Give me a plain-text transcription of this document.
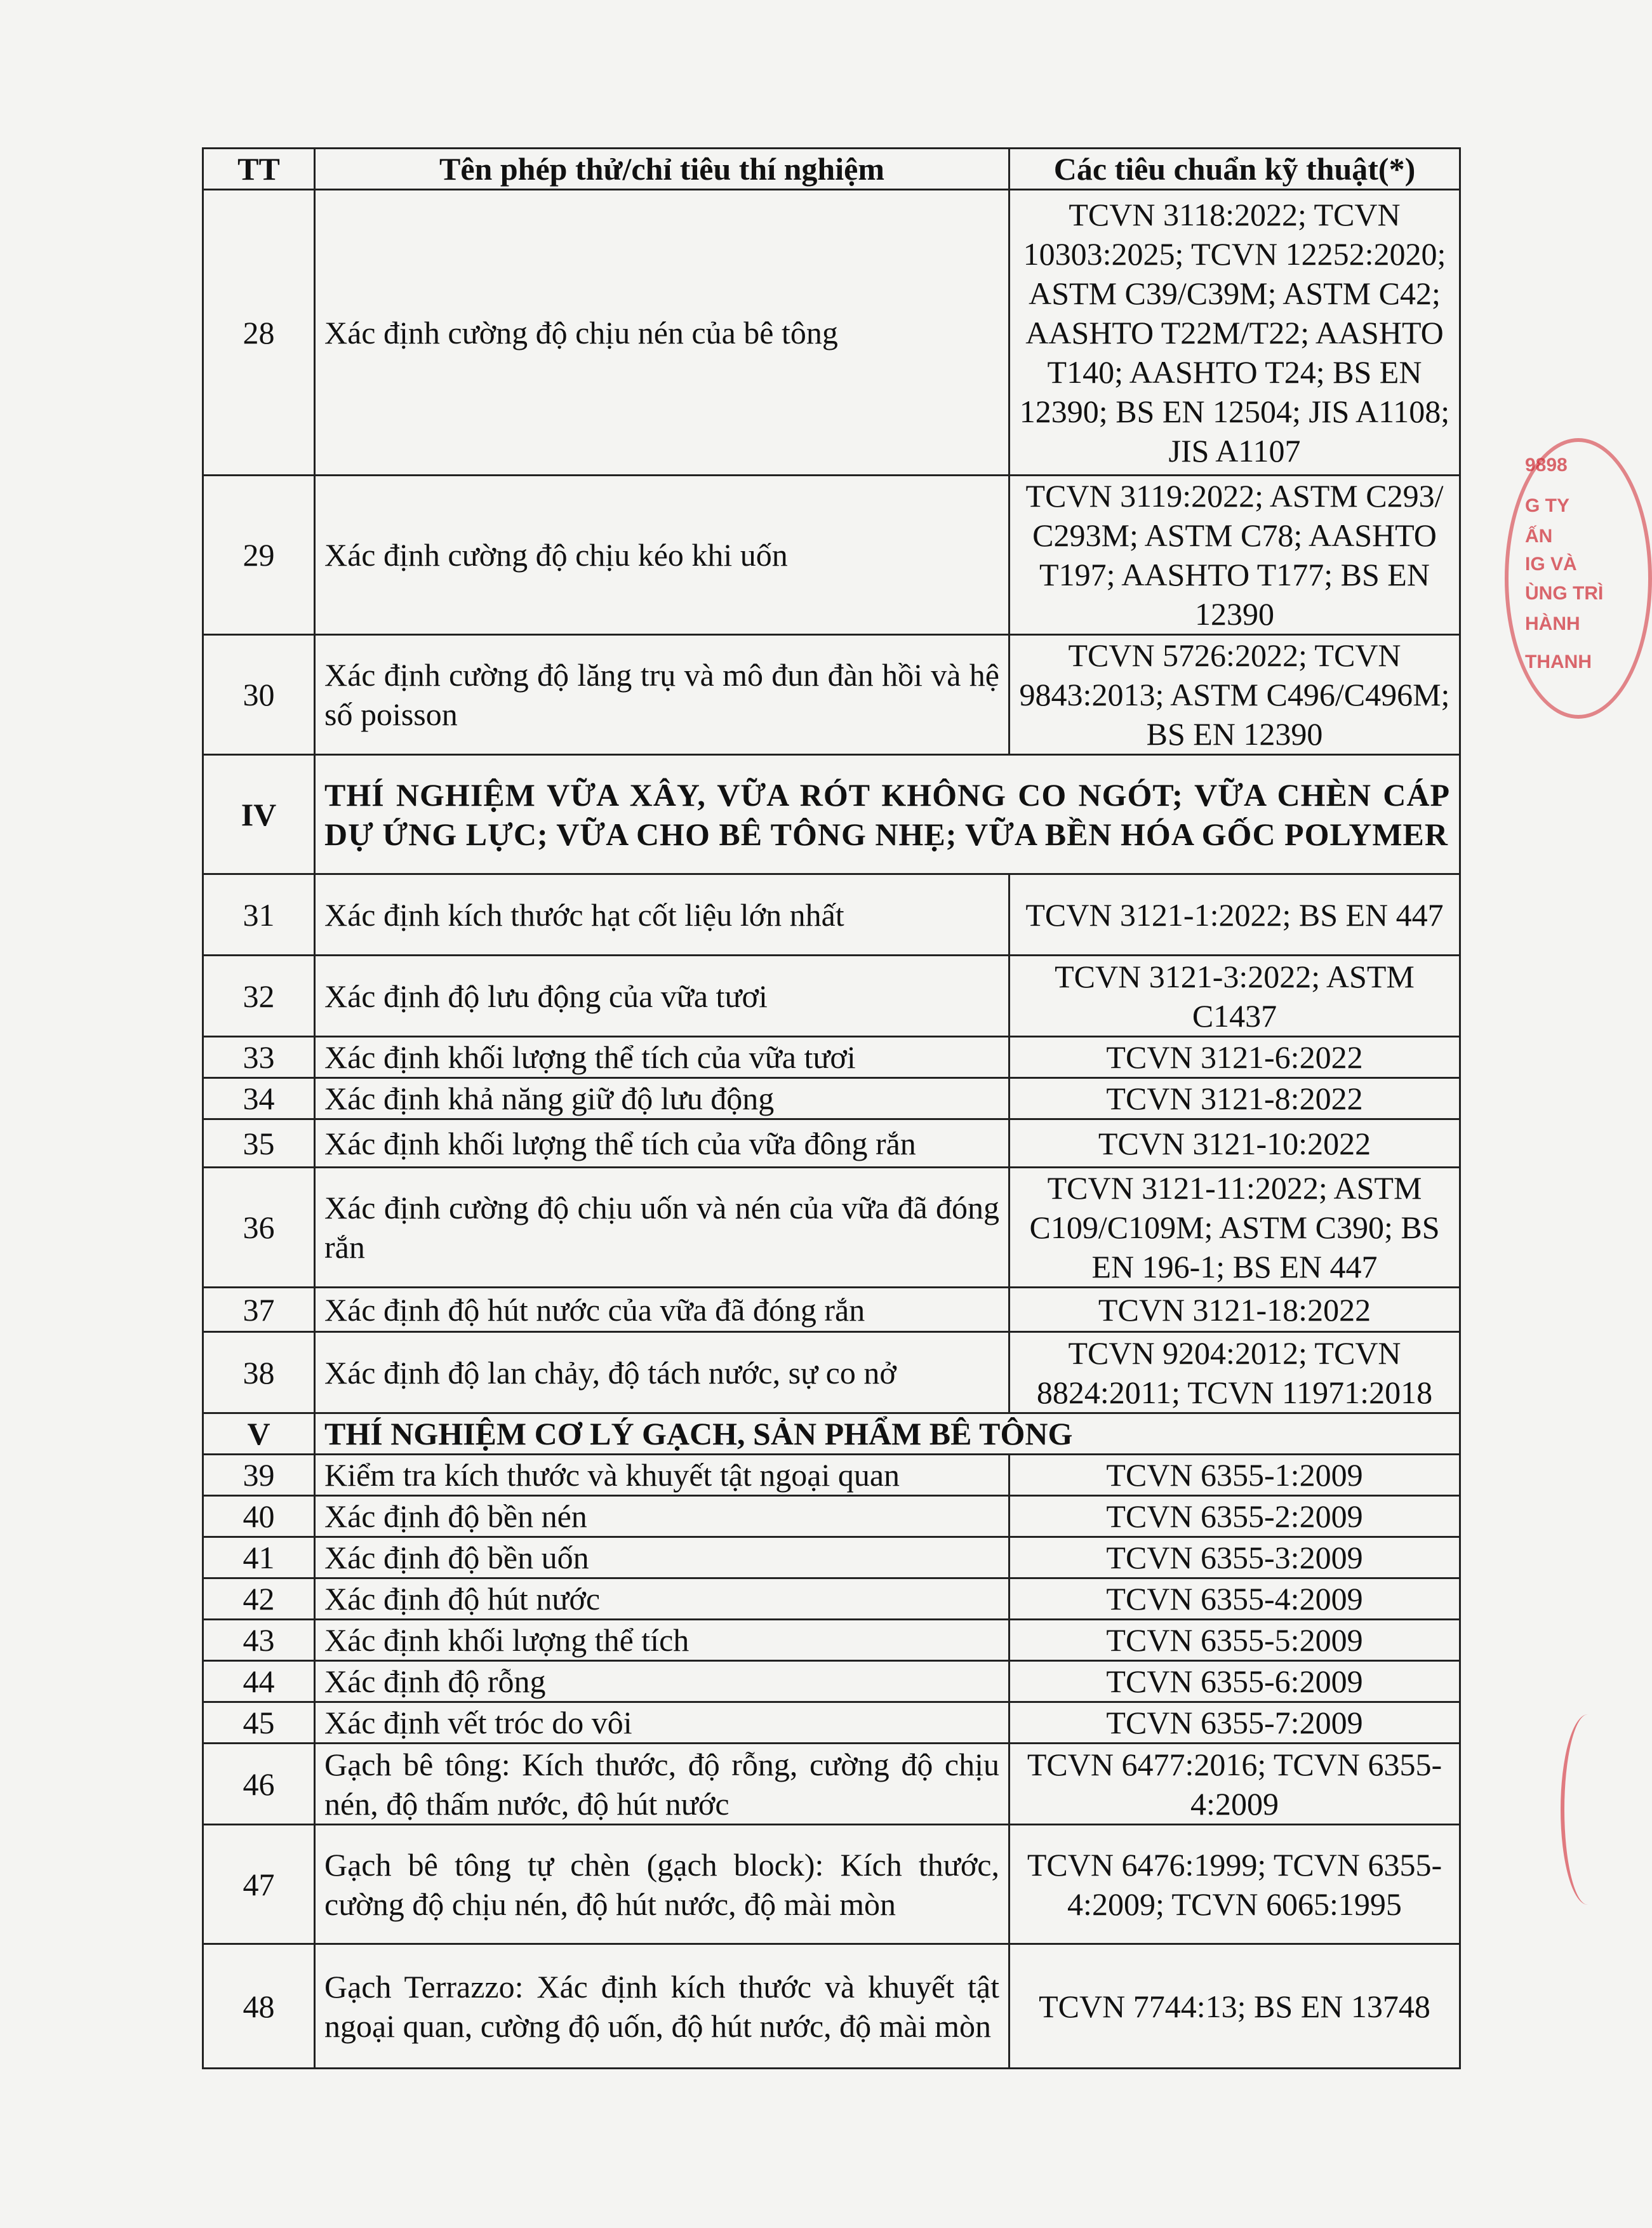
TT	Tên phép thử/chỉ tiêu thí nghiệm	Các tiêu chuẩn kỹ thuật(*)
28	Xác định cường độ chịu nén của bê tông	TCVN 3118:2022; TCVN 10303:2025; TCVN 12252:2020; ASTM C39/C39M; ASTM C42; AASHTO T22M/T22; AASHTO T140; AASHTO T24; BS EN 12390; BS EN 12504; JIS A1108; JIS A1107
29	Xác định cường độ chịu kéo khi uốn	TCVN 3119:2022; ASTM C293/ C293M; ASTM C78; AASHTO T197; AASHTO T177; BS EN 12390
30	Xác định cường độ lăng trụ và mô đun đàn hồi và hệ số poisson	TCVN 5726:2022; TCVN 9843:2013; ASTM C496/C496M; BS EN 12390
IV	THÍ NGHIỆM VỮA XÂY, VỮA RÓT KHÔNG CO NGÓT; VỮA CHÈN CÁP DỰ ỨNG LỰC; VỮA CHO BÊ TÔNG NHẸ; VỮA BỀN HÓA GỐC POLYMER	
31	Xác định kích thước hạt cốt liệu lớn nhất	TCVN 3121-1:2022; BS EN 447
32	Xác định độ lưu động của vữa tươi	TCVN 3121-3:2022; ASTM C1437
33	Xác định khối lượng thể tích của vữa tươi	TCVN 3121-6:2022
34	Xác định khả năng giữ độ lưu động	TCVN 3121-8:2022
35	Xác định khối lượng thể tích của vữa đông rắn	TCVN 3121-10:2022
36	Xác định cường độ chịu uốn và nén của vữa đã đóng rắn	TCVN 3121-11:2022; ASTM C109/C109M; ASTM C390; BS EN 196-1; BS EN 447
37	Xác định độ hút nước của vữa đã đóng rắn	TCVN 3121-18:2022
38	Xác định độ lan chảy, độ tách nước, sự co nở	TCVN 9204:2012; TCVN 8824:2011; TCVN 11971:2018
V	THÍ NGHIỆM CƠ LÝ GẠCH, SẢN PHẨM BÊ TÔNG	
39	Kiểm tra kích thước và khuyết tật ngoại quan	TCVN 6355-1:2009
40	Xác định độ bền nén	TCVN 6355-2:2009
41	Xác định độ bền uốn	TCVN 6355-3:2009
42	Xác định độ hút nước	TCVN 6355-4:2009
43	Xác định khối lượng thể tích	TCVN 6355-5:2009
44	Xác định độ rỗng	TCVN 6355-6:2009
45	Xác định vết tróc do vôi	TCVN 6355-7:2009
46	Gạch bê tông: Kích thước, độ rỗng, cường độ chịu nén, độ thấm nước, độ hút nước	TCVN 6477:2016; TCVN 6355-4:2009
47	Gạch bê tông tự chèn (gạch block): Kích thước, cường độ chịu nén, độ hút nước, độ mài mòn	TCVN 6476:1999; TCVN 6355-4:2009; TCVN 6065:1995
48	Gạch Terrazzo: Xác định kích thước và khuyết tật ngoại quan, cường độ uốn, độ hút nước, độ mài mòn	TCVN 7744:13; BS EN 13748
9898
G TY
ẤN
IG VÀ
ÙNG TRÌ
HÀNH
THANH
